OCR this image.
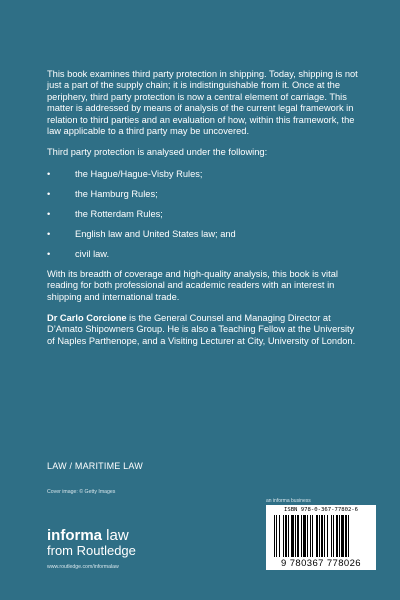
This book examines third party protection in shipping. Today, shipping is not just a part of the supply chain; it is indistinguishable from it. Once at the periphery, third party protection is now a central element of carriage. This matter is addressed by means of analysis of the current legal framework in relation to third parties and an evaluation of how, within this framework, the law applicable to a third party may be uncovered.

Third party protection is analysed under the following:

•	the Hague/Hague-Visby Rules;
•	the Hamburg Rules;
•	the Rotterdam Rules;
•	English law and United States law; and
•	civil law.

With its breadth of coverage and high-quality analysis, this book is vital reading for both professional and academic readers with an interest in shipping and international trade.

Dr Carlo Corcione is the General Counsel and Managing Director at D’Amato Shipowners Group. He is also a Teaching Fellow at the University of Naples Parthenope, and a Visiting Lecturer at City, University of London.

LAW / MARITIME LAW
Cover image: © Getty Images
informa law
from Routledge
www.routledge.com/informalaw
an informa business
ISBN 978-0-367-77802-6
9 780367 778026
